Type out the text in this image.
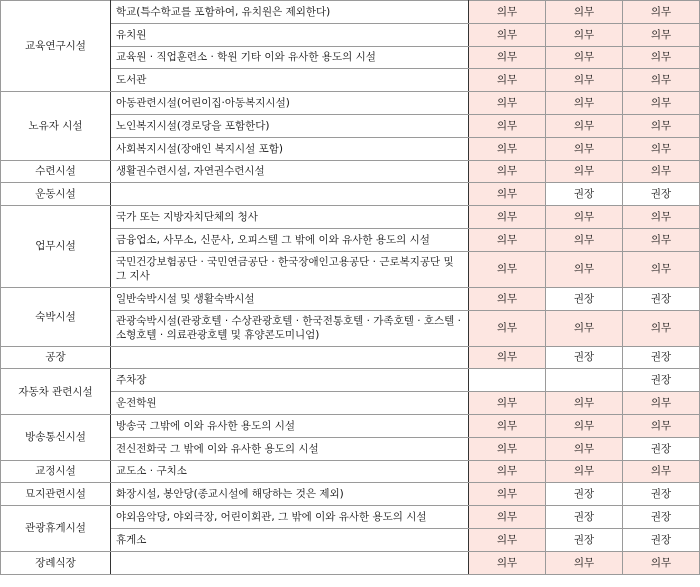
교육연구시설	학교(특수학교를 포함하여, 유치원은 제외한다)	의무	의무	의무
	유치원	의무	의무	의무
	교육원 · 직업훈련소 · 학원 기타 이와 유사한 용도의 시설	의무	의무	의무
	도서관	의무	의무	의무
노유자 시설	아동관련시설(어린이집·아동복지시설)	의무	의무	의무
	노인복지시설(경로당을 포함한다)	의무	의무	의무
	사회복지시설(장애인 복지시설 포함)	의무	의무	의무
수련시설	생활권수련시설, 자연권수련시설	의무	의무	의무
운동시설		의무	권장	권장
업무시설	국가 또는 지방자치단체의 청사	의무	의무	의무
	금융업소, 사무소, 신문사, 오피스텔 그 밖에 이와 유사한 용도의 시설	의무	의무	의무
	국민건강보험공단 · 국민연금공단 · 한국장애인고용공단 · 근로복지공단 및 그 지사	의무	의무	의무
숙박시설	일반숙박시설 및 생활숙박시설	의무	권장	권장
	관광숙박시설(관광호텔 · 수상관광호텔 · 한국전통호텔 · 가족호텔 · 호스텔 · 소형호텔 · 의료관광호텔 및 휴양콘도미니엄)	의무	의무	의무
공장		의무	권장	권장
자동차 관련시설	주차장			권장
	운전학원	의무	의무	의무
방송통신시설	방송국 그밖에 이와 유사한 용도의 시설	의무	의무	의무
	전신전화국 그 밖에 이와 유사한 용도의 시설	의무	의무	권장
교정시설	교도소 · 구치소	의무	의무	의무
묘지관련시설	화장시설, 봉안당(종교시설에 해당하는 것은 제외)	의무	권장	권장
관광휴게시설	야외음악당, 야외극장, 어린이회관, 그 밖에 이와 유사한 용도의 시설	의무	권장	권장
	휴게소	의무	권장	권장
장례식장		의무	의무	의무
